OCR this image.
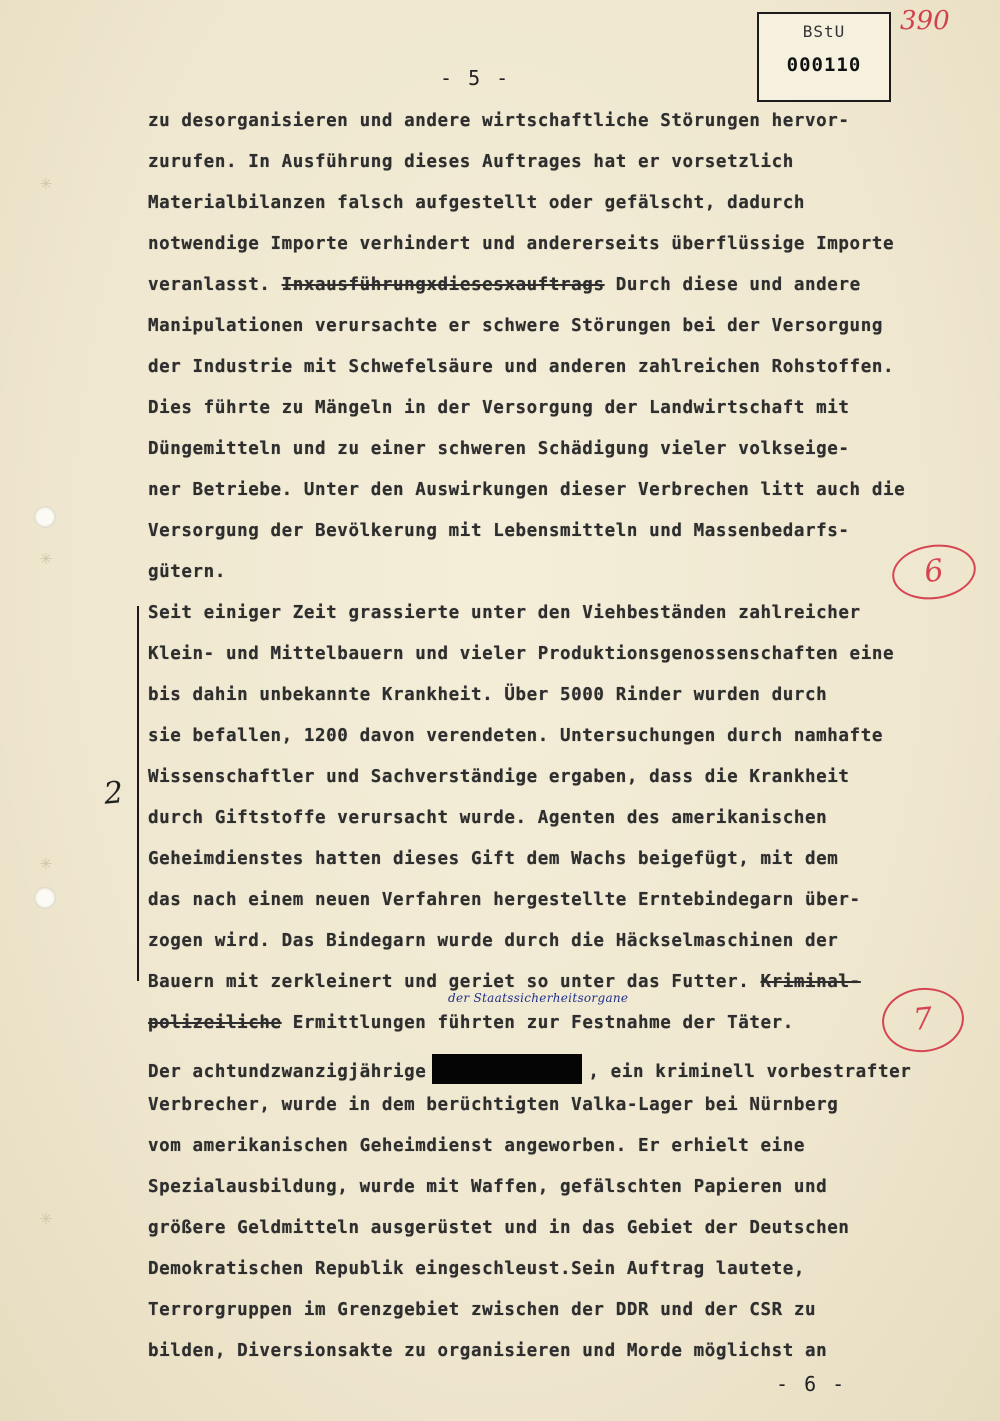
BStU
000110
390
- 5 -
✳
✳
✳
✳
zu desorganisieren und andere wirtschaftliche Störungen hervor-
zurufen. In Ausführung dieses Auftrages hat er vorsetzlich
Materialbilanzen falsch aufgestellt oder gefälscht, dadurch
notwendige Importe verhindert und andererseits überflüssige Importe
veranlasst. Inxausführungxdiesesxauftrags Durch diese und andere
Manipulationen verursachte er schwere Störungen bei der Versorgung
der Industrie mit Schwefelsäure und anderen zahlreichen Rohstoffen.
Dies führte zu Mängeln in der Versorgung der Landwirtschaft mit
Düngemitteln und zu einer schweren Schädigung vieler volkseige-
ner Betriebe. Unter den Auswirkungen dieser Verbrechen litt auch die
Versorgung der Bevölkerung mit Lebensmitteln und Massenbedarfs-
gütern.	6
2
Seit einiger Zeit grassierte unter den Viehbeständen zahlreicher
Klein- und Mittelbauern und vieler Produktionsgenossenschaften eine
bis dahin unbekannte Krankheit. Über 5000 Rinder wurden durch
sie befallen, 1200 davon verendeten. Untersuchungen durch namhafte
Wissenschaftler und Sachverständige ergaben, dass die Krankheit
durch Giftstoffe verursacht wurde. Agenten des amerikanischen
Geheimdienstes hatten dieses Gift dem Wachs beigefügt, mit dem
das nach einem neuen Verfahren hergestellte Erntebindegarn über-
zogen wird. Das Bindegarn wurde durch die Häckselmaschinen der
Bauern mit zerkleinert und geriet so unter das Futter. Kriminal-
der Staatssicherheitsorgane
polizeiliche Ermittlungen führten zur Festnahme der Täter.	7
Der achtundzwanzigjährige	, ein kriminell vorbestrafter
Verbrecher, wurde in dem berüchtigten Valka-Lager bei Nürnberg
vom amerikanischen Geheimdienst angeworben. Er erhielt eine
Spezialausbildung, wurde mit Waffen, gefälschten Papieren und
größere Geldmitteln ausgerüstet und in das Gebiet der Deutschen
Demokratischen Republik eingeschleust.Sein Auftrag lautete,
Terrorgruppen im Grenzgebiet zwischen der DDR und der CSR zu
bilden, Diversionsakte zu organisieren und Morde möglichst an
- 6 -
